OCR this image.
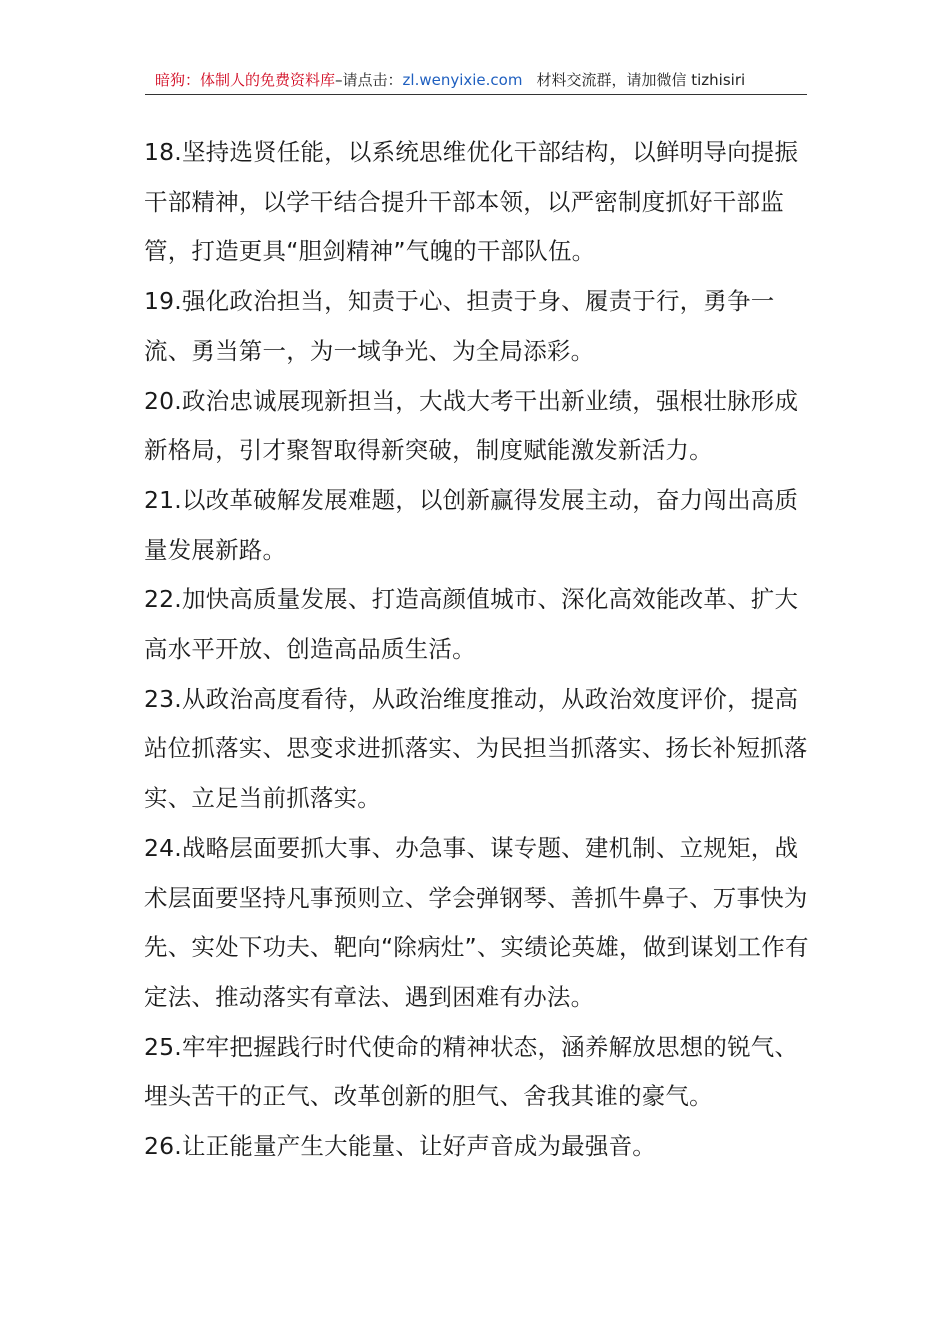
暗狗：体制人的免费资料库–请点击：zl.wenyixie.com 材料交流群，请加微信 tizhisiri

18.坚持选贤任能，以系统思维优化干部结构，以鲜明导向提振干部精神，以学干结合提升干部本领，以严密制度抓好干部监管，打造更具“胆剑精神”气魄的干部队伍。

19.强化政治担当，知责于心、担责于身、履责于行，勇争一流、勇当第一，为一域争光、为全局添彩。

20.政治忠诚展现新担当，大战大考干出新业绩，强根壮脉形成新格局，引才聚智取得新突破，制度赋能激发新活力。

21.以改革破解发展难题，以创新赢得发展主动，奋力闯出高质量发展新路。

22.加快高质量发展、打造高颜值城市、深化高效能改革、扩大高水平开放、创造高品质生活。

23.从政治高度看待，从政治维度推动，从政治效度评价，提高站位抓落实、思变求进抓落实、为民担当抓落实、扬长补短抓落实、立足当前抓落实。

24.战略层面要抓大事、办急事、谋专题、建机制、立规矩，战术层面要坚持凡事预则立、学会弹钢琴、善抓牛鼻子、万事快为先、实处下功夫、靶向“除病灶”、实绩论英雄，做到谋划工作有定法、推动落实有章法、遇到困难有办法。

25.牢牢把握践行时代使命的精神状态，涵养解放思想的锐气、埋头苦干的正气、改革创新的胆气、舍我其谁的豪气。

26.让正能量产生大能量、让好声音成为最强音。
